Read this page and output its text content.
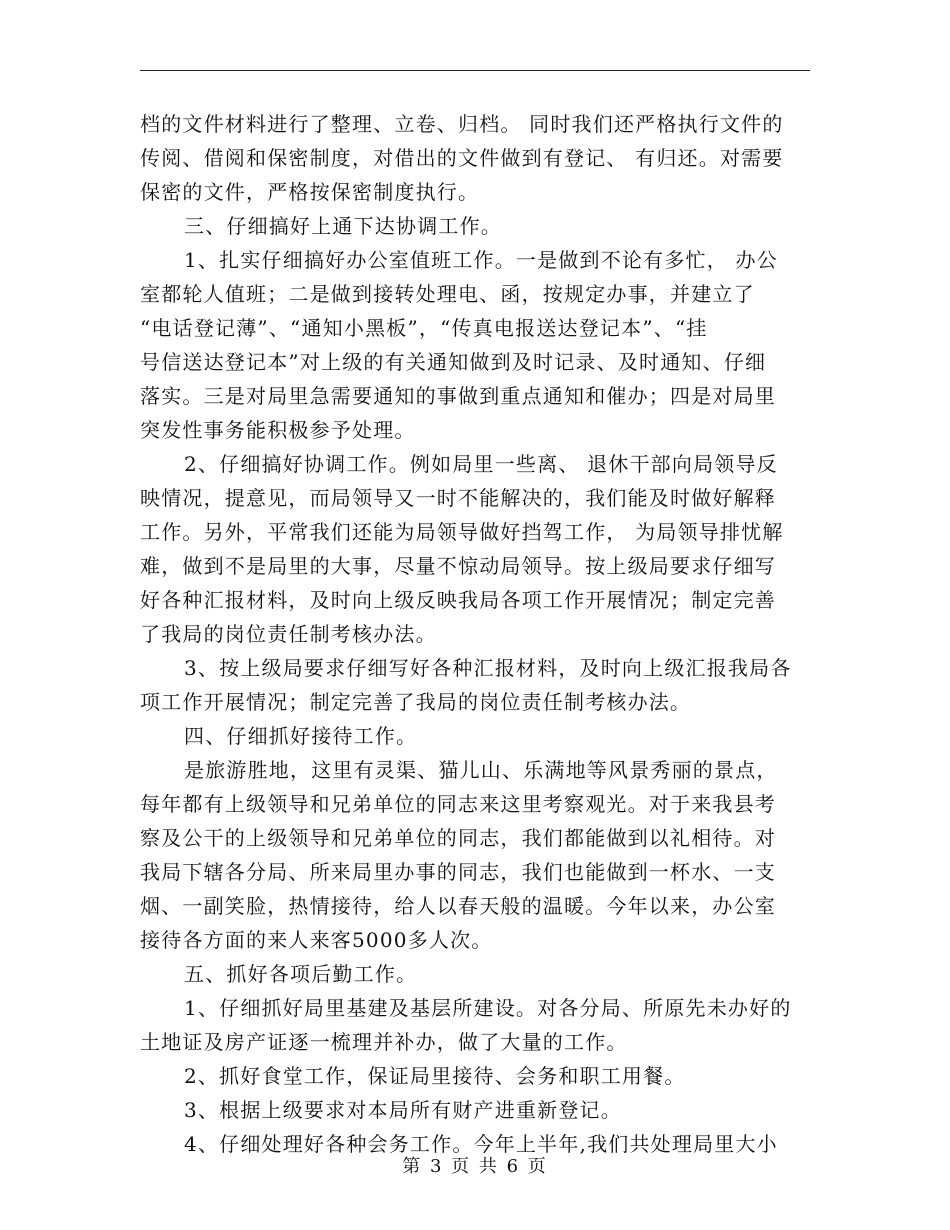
档的文件材料进行了整理、立卷、归档。 同时我们还严格执行文件的
传阅、借阅和保密制度，对借出的文件做到有登记、 有归还。对需要
保密的文件，严格按保密制度执行。
三、仔细搞好上通下达协调工作。
1、扎实仔细搞好办公室值班工作。一是做到不论有多忙， 办公
室都轮人值班；二是做到接转处理电、函，按规定办事，并建立了
“电话登记薄”、“通知小黑板”，“传真电报送达登记本”、“挂
号信送达登记本”对上级的有关通知做到及时记录、及时通知、仔细
落实。三是对局里急需要通知的事做到重点通知和催办；四是对局里
突发性事务能积极参予处理。
2、仔细搞好协调工作。例如局里一些离、 退休干部向局领导反
映情况，提意见，而局领导又一时不能解决的，我们能及时做好解释
工作。另外，平常我们还能为局领导做好挡驾工作， 为局领导排忧解
难，做到不是局里的大事，尽量不惊动局领导。按上级局要求仔细写
好各种汇报材料，及时向上级反映我局各项工作开展情况；制定完善
了我局的岗位责任制考核办法。
3、按上级局要求仔细写好各种汇报材料，及时向上级汇报我局各
项工作开展情况；制定完善了我局的岗位责任制考核办法。
四、仔细抓好接待工作。
是旅游胜地，这里有灵渠、猫儿山、乐满地等风景秀丽的景点，
每年都有上级领导和兄弟单位的同志来这里考察观光。对于来我县考
察及公干的上级领导和兄弟单位的同志，我们都能做到以礼相待。对
我局下辖各分局、所来局里办事的同志，我们也能做到一杯水、一支
烟、一副笑脸，热情接待，给人以春天般的温暖。今年以来，办公室
接待各方面的来人来客5000多人次。
五、抓好各项后勤工作。
1、仔细抓好局里基建及基层所建设。对各分局、所原先未办好的
土地证及房产证逐一梳理并补办，做了大量的工作。
2、抓好食堂工作，保证局里接待、会务和职工用餐。
3、根据上级要求对本局所有财产进重新登记。
4、仔细处理好各种会务工作。今年上半年,我们共处理局里大小
第 3 页 共 6 页
